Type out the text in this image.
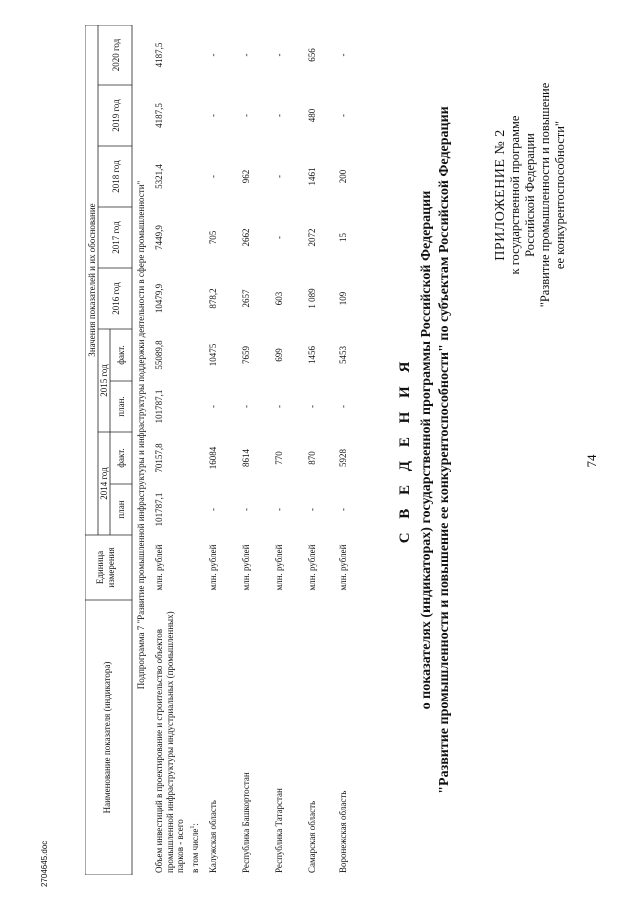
74
ПРИЛОЖЕНИЕ № 2 к государственной программе Российской Федерации "Развитие промышленности и повышение ее конкурентоспособности"
С В Е Д Е Н И Я о показателях (индикаторах) государственной программы Российской Федерации "Развитие промышленности и повышение ее конкурентоспособности" по субъектам Российской Федерации
Наименование показателя (индикатора)
Единица измерения
Значения показателей и их обоснование
2014 год
2015 год
план
факт.
план.
факт.
2016 год
2017 год
2018 год
2019 год
2020 год
Подпрограмма 7 "Развитие промышленной инфраструктуры и инфраструктуры поддержки деятельности в сфере промышленности"
Объем инвестиций в проектирование и строительство объектов промышленной инфраструктуры индустриальных (промышленных) парков - всего в том числе$^1$:
млн. рублей
101787,1
70157,8
101787,1
55089,8
10479,9
7449,9
5321,4
4187,5
4187,5
Калужская область
млн. рублей
-
16084
-
10475
878,2
705
-
-
-
Республика Башкортостан
млн. рублей
-
8614
-
7659
2657
2662
962
-
-
Республика Татарстан
млн. рублей
-
770
-
699
603
-
-
-
-
Самарская область
млн. рублей
-
870
-
1456
1 089
2072
1461
480
656
Воронежская область
млн. рублей
-
5928
-
5453
109
15
200
-
-
2704645.doc
